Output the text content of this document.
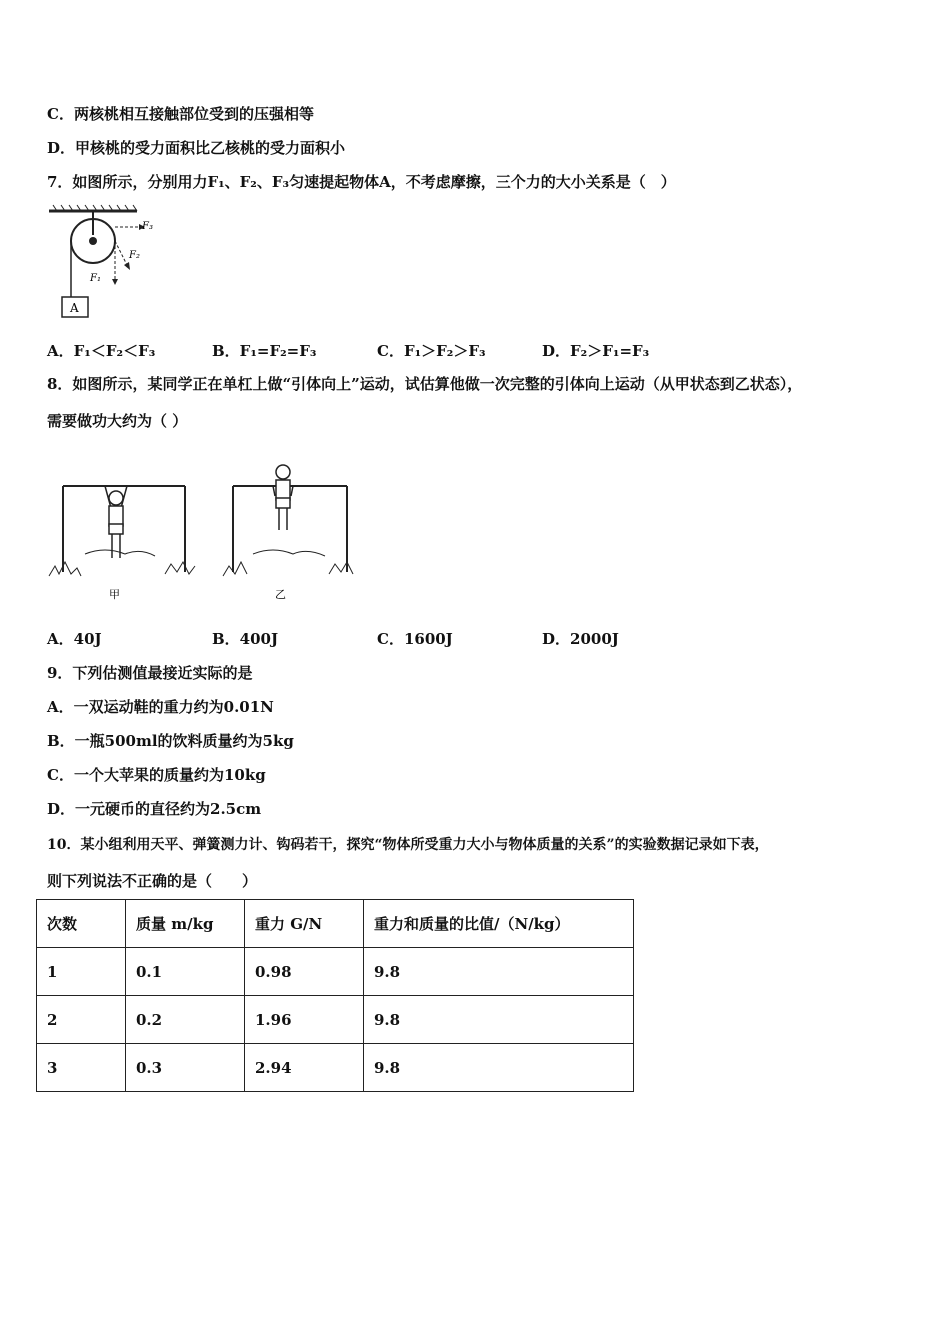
C．两核桃相互接触部位受到的压强相等
D．甲核桃的受力面积比乙核桃的受力面积小
7．如图所示，分别用力F₁、F₂、F₃匀速提起物体A，不考虑摩擦，三个力的大小关系是（　）
F₃
F₂
F₁
A
A．F₁＜F₂＜F₃	B．F₁=F₂=F₃	C．F₁＞F₂＞F₃	D．F₂＞F₁=F₃
8．如图所示，某同学正在单杠上做“引体向上”运动，试估算他做一次完整的引体向上运动（从甲状态到乙状态），
需要做功大约为（ ）
甲	乙
A．40J	B．400J	C．1600J	D．2000J
9．下列估测值最接近实际的是
A．一双运动鞋的重力约为0.01N
B．一瓶500ml的饮料质量约为5kg
C．一个大苹果的质量约为10kg
D．一元硬币的直径约为2.5cm
10．某小组利用天平、弹簧测力计、钩码若干，探究“物体所受重力大小与物体质量的关系”的实验数据记录如下表，
则下列说法不正确的是（　　）
次数	质量 m/kg	重力 G/N	重力和质量的比值/（N/kg）
1	0.1	0.98	9.8
2	0.2	1.96	9.8
3	0.3	2.94	9.8
